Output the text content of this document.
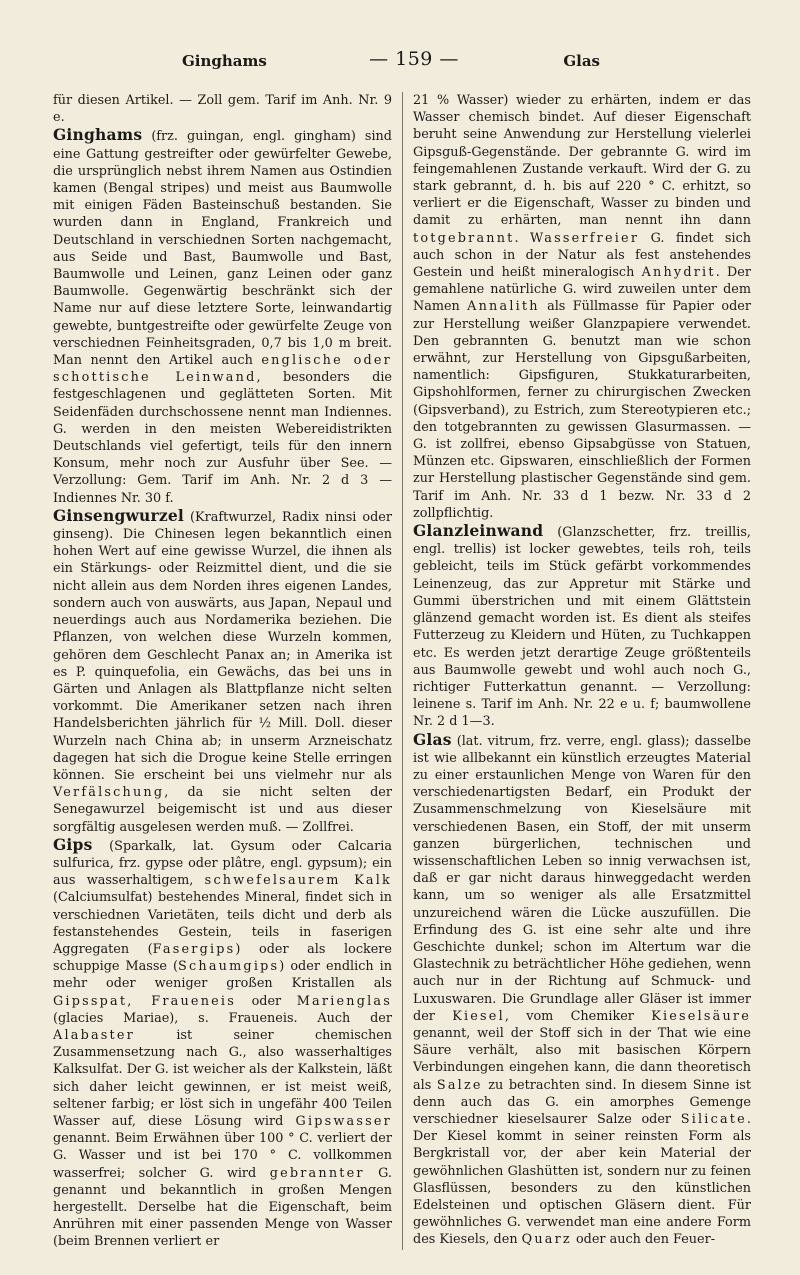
Ginghams	— 159 —	Glas

für diesen Artikel. — Zoll gem. Tarif im Anh. Nr. 9 e.

Ginghams (frz. guingan, engl. gingham) sind eine Gattung gestreifter oder gewürfelter Gewebe, die ursprünglich nebst ihrem Namen aus Ostindien kamen (Bengal stripes) und meist aus Baumwolle mit einigen Fäden Basteinschuß bestanden. Sie wurden dann in England, Frankreich und Deutschland in verschiednen Sorten nachgemacht, aus Seide und Bast, Baumwolle und Bast, Baumwolle und Leinen, ganz Leinen oder ganz Baumwolle. Gegenwärtig beschränkt sich der Name nur auf diese letztere Sorte, leinwandartig gewebte, buntgestreifte oder gewürfelte Zeuge von verschiednen Feinheitsgraden, 0,7 bis 1,0 m breit. Man nennt den Artikel auch englische oder schottische Leinwand, besonders die festgeschlagenen und geglätteten Sorten. Mit Seidenfäden durchschossene nennt man Indiennes. G. werden in den meisten Webereidistrikten Deutschlands viel gefertigt, teils für den innern Konsum, mehr noch zur Ausfuhr über See. — Verzollung: Gem. Tarif im Anh. Nr. 2 d 3 — Indiennes Nr. 30 f.

Ginsengwurzel (Kraftwurzel, Radix ninsi oder ginseng). Die Chinesen legen bekanntlich einen hohen Wert auf eine gewisse Wurzel, die ihnen als ein Stärkungs- oder Reizmittel dient, und die sie nicht allein aus dem Norden ihres eigenen Landes, sondern auch von auswärts, aus Japan, Nepaul und neuerdings auch aus Nordamerika beziehen. Die Pflanzen, von welchen diese Wurzeln kommen, gehören dem Geschlecht Panax an; in Amerika ist es P. quinquefolia, ein Gewächs, das bei uns in Gärten und Anlagen als Blattpflanze nicht selten vorkommt. Die Amerikaner setzen nach ihren Handelsberichten jährlich für ½ Mill. Doll. dieser Wurzeln nach China ab; in unserm Arzneischatz dagegen hat sich die Drogue keine Stelle erringen können. Sie erscheint bei uns vielmehr nur als Verfälschung, da sie nicht selten der Senegawurzel beigemischt ist und aus dieser sorgfältig ausgelesen werden muß. — Zollfrei.

Gips (Sparkalk, lat. Gysum oder Calcaria sulfurica, frz. gypse oder plâtre, engl. gypsum); ein aus wasserhaltigem, schwefelsaurem Kalk (Calciumsulfat) bestehendes Mineral, findet sich in verschiednen Varietäten, teils dicht und derb als festanstehendes Gestein, teils in faserigen Aggregaten (Fasergips) oder als lockere schuppige Masse (Schaumgips) oder endlich in mehr oder weniger großen Kristallen als Gipsspat, Fraueneis oder Marienglas (glacies Mariae), s. Fraueneis. Auch der Alabaster ist seiner chemischen Zusammensetzung nach G., also wasserhaltiges Kalksulfat. Der G. ist weicher als der Kalkstein, läßt sich daher leicht gewinnen, er ist meist weiß, seltener farbig; er löst sich in ungefähr 400 Teilen Wasser auf, diese Lösung wird Gipswasser genannt. Beim Erwähnen über 100 ° C. verliert der G. Wasser und ist bei 170 ° C. vollkommen wasserfrei; solcher G. wird gebrannter G. genannt und bekanntlich in großen Mengen hergestellt. Derselbe hat die Eigenschaft, beim Anrühren mit einer passenden Menge von Wasser (beim Brennen verliert er

21 % Wasser) wieder zu erhärten, indem er das Wasser chemisch bindet. Auf dieser Eigenschaft beruht seine Anwendung zur Herstellung vielerlei Gipsguß-Gegenstände. Der gebrannte G. wird im feingemahlenen Zustande verkauft. Wird der G. zu stark gebrannt, d. h. bis auf 220 ° C. erhitzt, so verliert er die Eigenschaft, Wasser zu binden und damit zu erhärten, man nennt ihn dann totgebrannt. Wasserfreier G. findet sich auch schon in der Natur als fest anstehendes Gestein und heißt mineralogisch Anhydrit. Der gemahlene natürliche G. wird zuweilen unter dem Namen Annalith als Füllmasse für Papier oder zur Herstellung weißer Glanzpapiere verwendet. Den gebrannten G. benutzt man wie schon erwähnt, zur Herstellung von Gipsgußarbeiten, namentlich: Gipsfiguren, Stukkaturarbeiten, Gipshohlformen, ferner zu chirurgischen Zwecken (Gipsverband), zu Estrich, zum Stereotypieren etc.; den totgebrannten zu gewissen Glasurmassen. — G. ist zollfrei, ebenso Gipsabgüsse von Statuen, Münzen etc. Gipswaren, einschließlich der Formen zur Herstellung plastischer Gegenstände sind gem. Tarif im Anh. Nr. 33 d 1 bezw. Nr. 33 d 2 zollpflichtig.

Glanzleinwand (Glanzschetter, frz. treillis, engl. trellis) ist locker gewebtes, teils roh, teils gebleicht, teils im Stück gefärbt vorkommendes Leinenzeug, das zur Appretur mit Stärke und Gummi überstrichen und mit einem Glättstein glänzend gemacht worden ist. Es dient als steifes Futterzeug zu Kleidern und Hüten, zu Tuchkappen etc. Es werden jetzt derartige Zeuge größtenteils aus Baumwolle gewebt und wohl auch noch G., richtiger Futterkattun genannt. — Verzollung: leinene s. Tarif im Anh. Nr. 22 e u. f; baumwollene Nr. 2 d 1—3.

Glas (lat. vitrum, frz. verre, engl. glass); dasselbe ist wie allbekannt ein künstlich erzeugtes Material zu einer erstaunlichen Menge von Waren für den verschiedenartigsten Bedarf, ein Produkt der Zusammenschmelzung von Kieselsäure mit verschiedenen Basen, ein Stoff, der mit unserm ganzen bürgerlichen, technischen und wissenschaftlichen Leben so innig verwachsen ist, daß er gar nicht daraus hinweggedacht werden kann, um so weniger als alle Ersatzmittel unzureichend wären die Lücke auszufüllen. Die Erfindung des G. ist eine sehr alte und ihre Geschichte dunkel; schon im Altertum war die Glastechnik zu beträchtlicher Höhe gediehen, wenn auch nur in der Richtung auf Schmuck- und Luxuswaren. Die Grundlage aller Gläser ist immer der Kiesel, vom Chemiker Kieselsäure genannt, weil der Stoff sich in der That wie eine Säure verhält, also mit basischen Körpern Verbindungen eingehen kann, die dann theoretisch als Salze zu betrachten sind. In diesem Sinne ist denn auch das G. ein amorphes Gemenge verschiedner kieselsaurer Salze oder Silicate. Der Kiesel kommt in seiner reinsten Form als Bergkristall vor, der aber kein Material der gewöhnlichen Glashütten ist, sondern nur zu feinen Glasflüssen, besonders zu den künstlichen Edelsteinen und optischen Gläsern dient. Für gewöhnliches G. verwendet man eine andere Form des Kiesels, den Quarz oder auch den Feuer-
